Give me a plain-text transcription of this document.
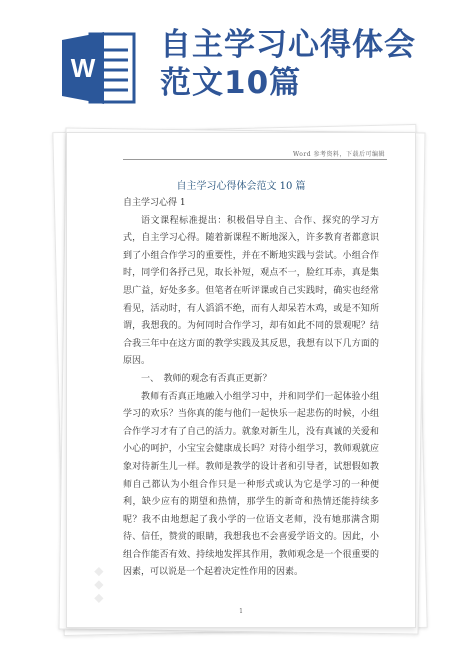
W
自主学习心得体会
范文10篇
◆ ◆ ◆
Word 参考资料，下载后可编辑
自主学习心得体会范文 10 篇

自主学习心得 1

语文课程标准提出：积极倡导自主、合作、探究的学习方式，自主学习心得。随着新课程不断地深入，许多教育者都意识到了小组合作学习的重要性，并在不断地实践与尝试。小组合作时，同学们各抒己见，取长补短，观点不一，脸红耳赤，真是集思广益，好处多多。但笔者在听评课或自己实践时，确实也经常看见，活动时，有人滔滔不绝，而有人却呆若木鸡，或是不知所谓，我想我的。为何同时合作学习，却有如此不同的景观呢？结合我三年中在这方面的教学实践及其反思，我想有以下几方面的原因。

一、　教师的观念有否真正更新？

教师有否真正地融入小组学习中，并和同学们一起体验小组学习的欢乐？当你真的能与他们一起快乐一起悲伤的时候，小组合作学习才有了自己的活力。就象对新生儿，没有真诚的关爱和小心的呵护，小宝宝会健康成长吗？对待小组学习，教师观就应象对待新生儿一样。教师是教学的设计者和引导者，试想假如教师自己都认为小组合作只是一种形式或认为它是学习的一种便利，缺少应有的期望和热情，那学生的新奇和热情还能持续多呢？我不由地想起了我小学的一位语文老师，没有她那满含期待、信任，赞赏的眼睛，我想我也不会喜爱学语文的。因此，小组合作能否有效、持续地发挥其作用，教师观念是一个很重要的因素，可以说是一个起着决定性作用的因素。

1
